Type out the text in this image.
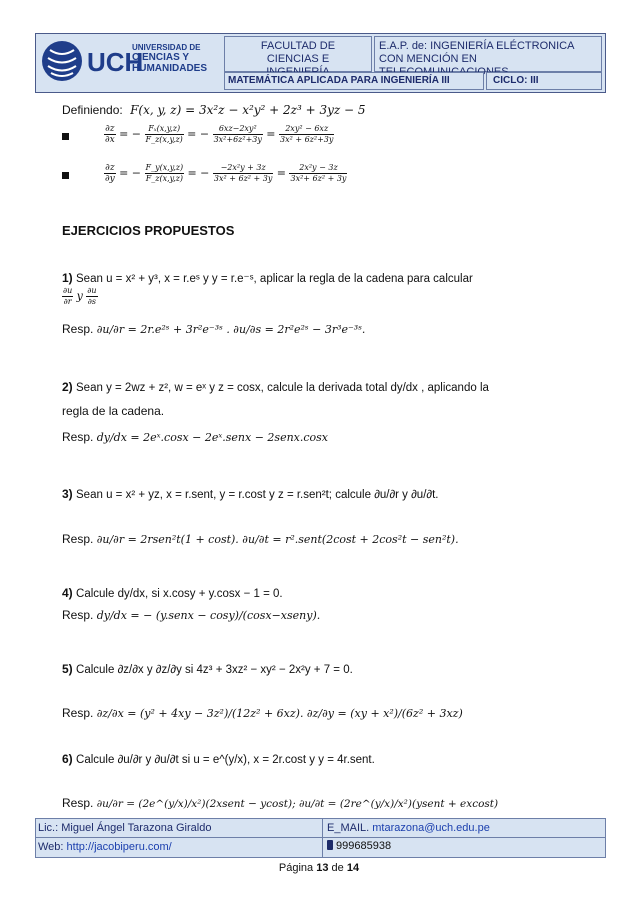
UCH
UNIVERSIDAD DE
CIENCIAS Y
HUMANIDADES
FACULTAD DE CIENCIAS E
E.A.P. de: INGENIERÍA ELÉCTRONICA CON MENCIÓN EN
MATEMÁTICA APLICADA PARA INGENIERÍA III	CICLO: III
Definiendo: F(x, y, z) = 3x²z − x²y² + 2z³ + 3yz − 5
$\frac{\partial z}{\partial x}$ = − $\frac{\text{Fₓ(x,y,z)}}{F\_z(x,y,z)}$ = − $\frac{\text{6xz−2xy²}}{\text{3x²+6z²+3y}} = \frac{\text{2xy² − 6xz}}{\text{3x² + 6z²+3y}}$
$\frac{\partial z}{\partial y}$ = − $\frac{F\_y(x,y,z)}{F\_z(x,y,z)}$ = − $\frac{\text{−2x²y + 3z}}{\text{3x² + 6z² + 3y}} = \frac{\text{2x²y − 3z}}{\text{3x²+ 6z² + 3y}}$
EJERCICIOS PROPUESTOS
1) Sean u = x² + y³, x = r.eˢ y y = r.e⁻ˢ, aplicar la regla de la cadena para calcular
$\frac{\partial u}{\partial r}$ y $\frac{\partial u}{\partial s}$
Resp. ∂u/∂r = 2r.e²ˢ + 3r²e⁻³ˢ . ∂u/∂s = 2r²e²ˢ − 3r³e⁻³ˢ.
2) Sean y = 2wz + z², w = eˣ y z = cosx, calcule la derivada total dy/dx , aplicando la
regla de la cadena.
Resp. dy/dx = 2eˣ.cosx − 2eˣ.senx − 2senx.cosx
3) Sean u = x² + yz, x = r.sent, y = r.cost y z = r.sen²t; calcule ∂u/∂r y ∂u/∂t.
Resp. ∂u/∂r = 2rsen²t(1 + cost). ∂u/∂t = r².sent(2cost + 2cos²t − sen²t).
4) Calcule dy/dx, si x.cosy + y.cosx − 1 = 0.
Resp. dy/dx = − (y.senx − cosy)/(cosx−xseny).
5) Calcule ∂z/∂x y ∂z/∂y si 4z³ + 3xz² − xy² − 2x²y + 7 = 0.
Resp. ∂z/∂x = (y² + 4xy − 3z²)/(12z² + 6xz). ∂z/∂y = (xy + x²)/(6z² + 3xz)
6) Calcule ∂u/∂r y ∂u/∂t si u = e^(y/x), x = 2r.cost y y = 4r.sent.
Resp. ∂u/∂r = (2e^(y/x)/x²)(2xsent − ycost); ∂u/∂t = (2re^(y/x)/x²)(ysent + excost)
Lic.: Miguel Ángel Tarazona Giraldo	E_MAIL. mtarazona@uch.edu.pe
Web: http://jacobiperu.com/	999685938
Página 13 de 14
